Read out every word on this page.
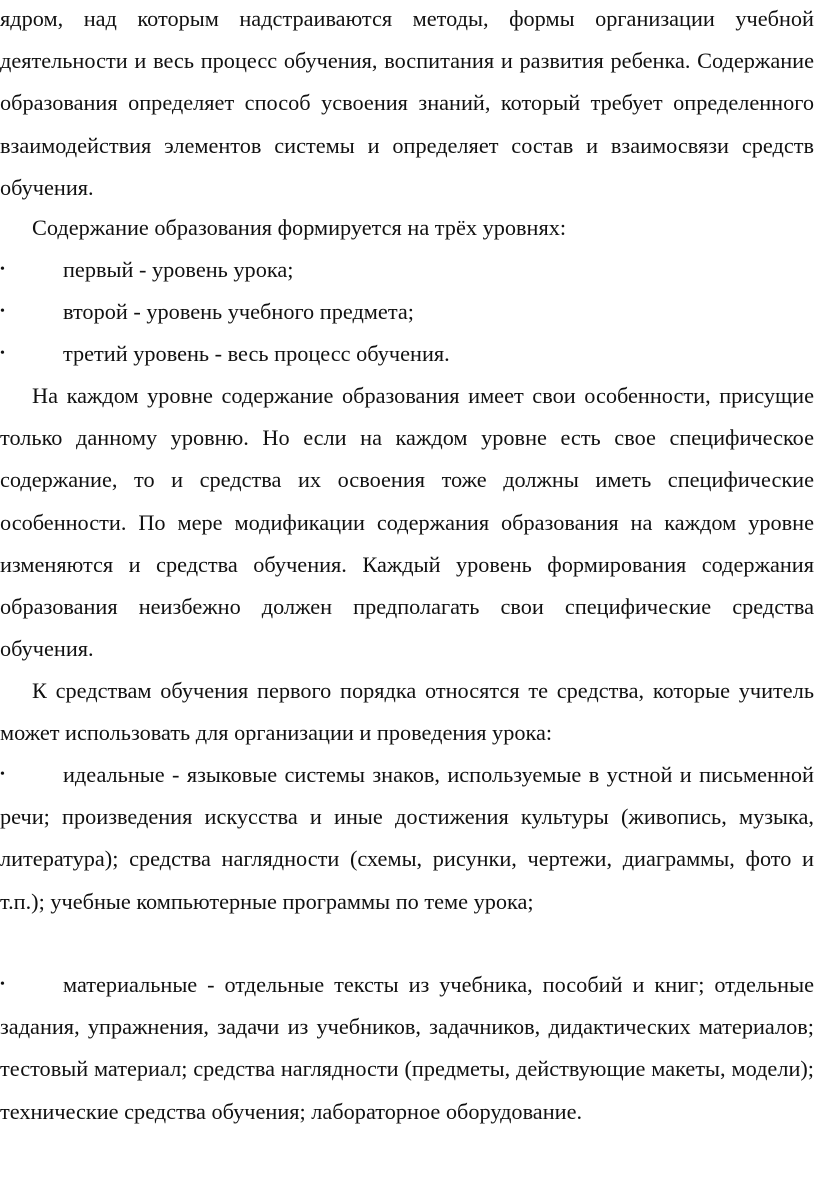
ядром, над которым надстраиваются методы, формы организации учебной деятельности и весь процесс обучения, воспитания и развития ребенка. Содержание образования определяет способ усвоения знаний, который требует определенного взаимодействия элементов системы и определяет состав и взаимосвязи средств обучения.

Содержание образования формируется на трёх уровнях:

•	первый - уровень урока;

•	второй - уровень учебного предмета;

•	третий уровень - весь процесс обучения.

На каждом уровне содержание образования имеет свои особенности, присущие только данному уровню. Но если на каждом уровне есть свое специфическое содержание, то и средства их освоения тоже должны иметь специфические особенности. По мере модификации содержания образования на каждом уровне изменяются и средства обучения. Каждый уровень формирования содержания образования неизбежно должен предполагать свои специфические средства обучения.

К средствам обучения первого порядка относятся те средства, которые учитель может использовать для организации и проведения урока:

•	идеальные - языковые системы знаков, используемые в устной и письменной речи; произведения искусства и иные достижения культуры (живопись, музыка, литература); средства наглядности (схемы, рисунки, чертежи, диаграммы, фото и т.п.); учебные компьютерные программы по теме урока;

•	материальные - отдельные тексты из учебника, пособий и книг; отдельные задания, упражнения, задачи из учебников, задачников, дидактических материалов; тестовый материал; средства наглядности (предметы, действующие макеты, модели); технические средства обучения; лабораторное оборудование.
